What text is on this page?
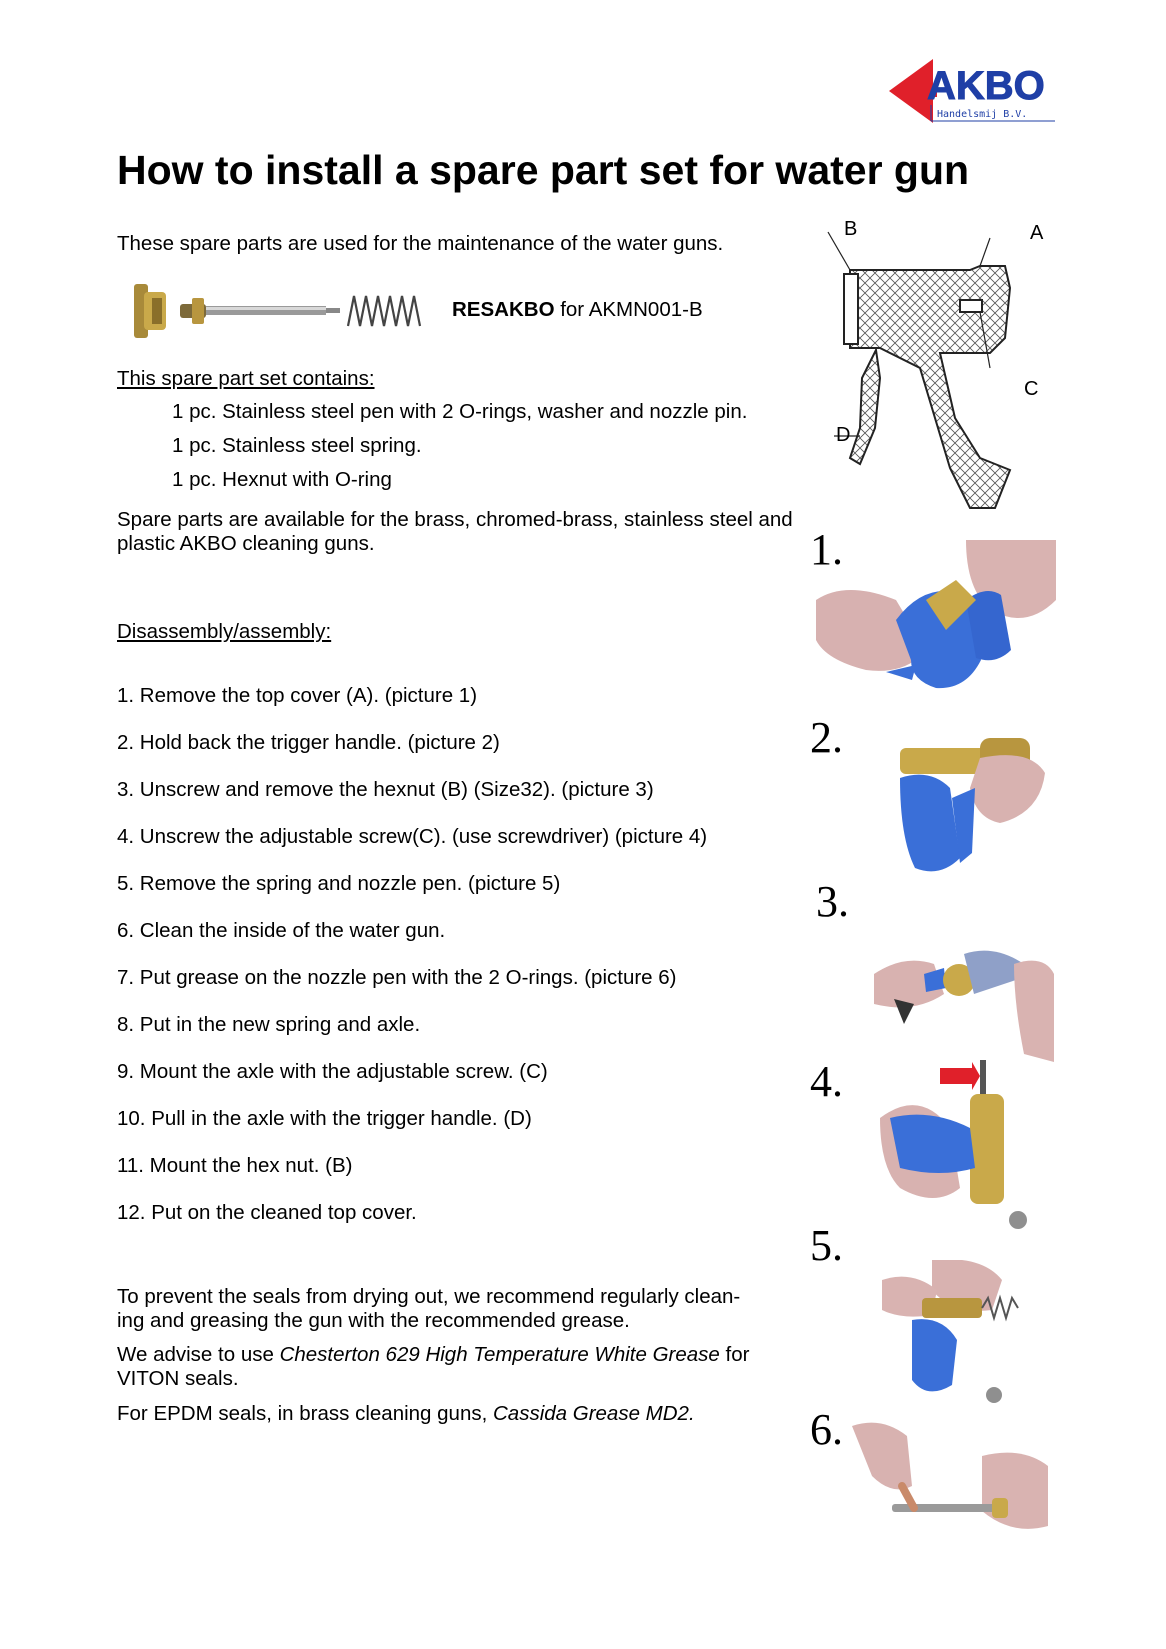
AKBO
Handelsmij B.V.
How to install a spare part set for water gun
These spare parts are used for the maintenance of the water guns.
RESAKBO for AKMN001-B
This spare part set contains:
1 pc. Stainless steel pen with 2 O-rings, washer and nozzle pin.
1 pc. Stainless steel spring.
1 pc. Hexnut with O-ring
Spare parts are available for the brass, chromed-brass, stainless steel and plastic AKBO cleaning guns.
Disassembly/assembly:
1. Remove the top cover (A). (picture 1)
2. Hold back the trigger handle. (picture 2)
3. Unscrew and remove the hexnut (B) (Size32). (picture 3)
4. Unscrew the adjustable screw(C). (use screwdriver) (picture 4)
5. Remove the spring and nozzle pen. (picture 5)
6. Clean the inside of the water gun.
7. Put grease on the nozzle pen with the 2 O-rings. (picture 6)
8. Put in the new spring and axle.
9. Mount the axle with the adjustable screw. (C)
10. Pull in the axle with the trigger handle. (D)
11. Mount the hex nut. (B)
12. Put on the cleaned top cover.
To prevent the seals from drying out, we recommend regularly clean-
ing and greasing the gun with the recommended grease.
We advise to use Chesterton 629 High Temperature White Grease for
VITON seals.
For EPDM seals, in brass cleaning guns, Cassida Grease MD2.
B	A
C
D
1.
2.
3.
4.
5.
6.
